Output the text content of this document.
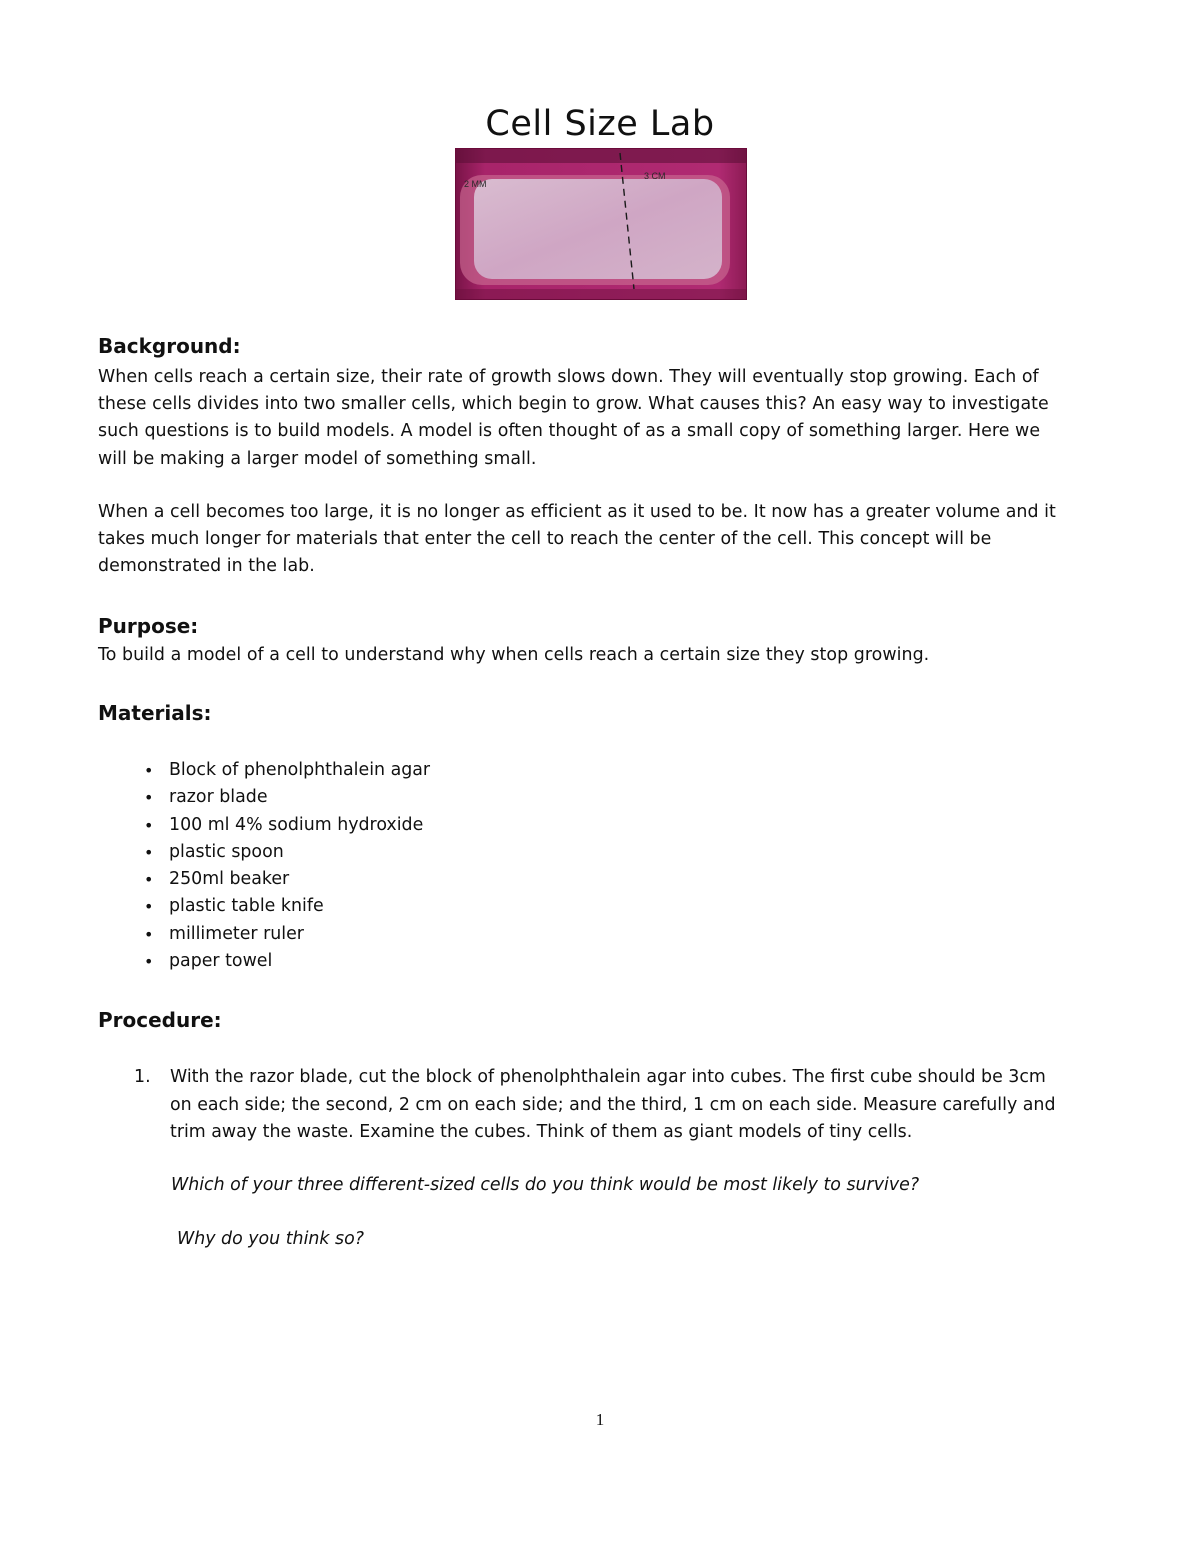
Cell Size Lab
2 MM
3 CM
Background:
When cells reach a certain size, their rate of growth slows down. They will eventually stop growing. Each of
these cells divides into two smaller cells, which begin to grow. What causes this? An easy way to investigate
such questions is to build models. A model is often thought of as a small copy of something larger. Here we
will be making a larger model of something small.
When a cell becomes too large, it is no longer as efficient as it used to be. It now has a greater volume and it
takes much longer for materials that enter the cell to reach the center of the cell. This concept will be
demonstrated in the lab.
Purpose:
To build a model of a cell to understand why when cells reach a certain size they stop growing.
Materials:
• Block of phenolphthalein agar
• razor blade
• 100 ml 4% sodium hydroxide
• plastic spoon
• 250ml beaker
• plastic table knife
• millimeter ruler
• paper towel
Procedure:
1. With the razor blade, cut the block of phenolphthalein agar into cubes. The first cube should be 3cm
on each side; the second, 2 cm on each side; and the third, 1 cm on each side. Measure carefully and
trim away the waste. Examine the cubes. Think of them as giant models of tiny cells.
Which of your three different-sized cells do you think would be most likely to survive?
Why do you think so?
1
